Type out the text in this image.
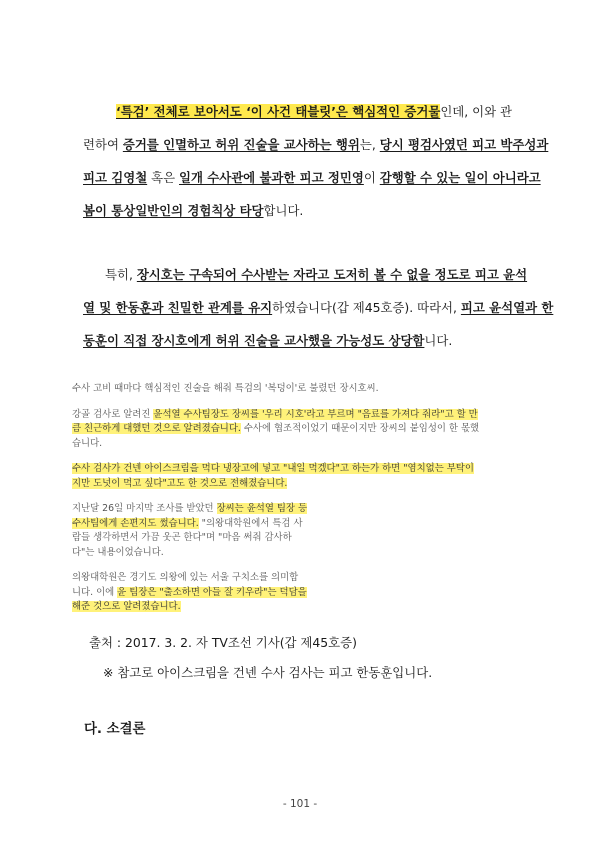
‘특검’ 전체로 보아서도 ‘이 사건 태블릿’은 핵심적인 증거물인데, 이와 관
련하여 증거를 인멸하고 허위 진술을 교사하는 행위는, 당시 평검사였던 피고 박주성과
피고 김영철 혹은 일개 수사관에 불과한 피고 정민영이 감행할 수 있는 일이 아니라고
봄이 통상일반인의 경험칙상 타당합니다.
특히, 장시호는 구속되어 수사받는 자라고 도저히 볼 수 없을 정도로 피고 윤석
열 및 한동훈과 친밀한 관계를 유지하였습니다(갑 제45호증). 따라서, 피고 윤석열과 한
동훈이 직접 장시호에게 허위 진술을 교사했을 가능성도 상당함니다.
수사 고비 때마다 핵심적인 진술을 해줘 특검의 '복덩이'로 불렸던 장시호씨.
강골 검사로 알려진 윤석열 수사팀장도 장씨를 '우리 시호'라고 부르며 "음료를 가져다 줘라"고 할 만
큼 친근하게 대했던 것으로 알려졌습니다. 수사에 협조적이었기 때문이지만 장씨의 붙임성이 한 몫했
습니다.
수사 검사가 건넨 아이스크림을 먹다 냉장고에 넣고 "내일 먹겠다"고 하는가 하면 "염치없는 부탁이
지만 도넛이 먹고 싶다"고도 한 것으로 전해졌습니다.
지난달 26일 마지막 조사를 받았던 장씨는 윤석열 팀장 등
수사팀에게 손편지도 썼습니다. "의왕대학원에서 특검 사
람들 생각하면서 가끔 웃곤 한다"며 "마음 써줘 감사하
다"는 내용이었습니다.
의왕대학원은 경기도 의왕에 있는 서울 구치소를 의미합
니다. 이에 윤 팀장은 "출소하면 아들 잘 키우라"는 덕담을
해준 것으로 알려졌습니다.
출처 : 2017. 3. 2. 자 TV조선 기사(갑 제45호증)
※ 참고로 아이스크림을 건넨 수사 검사는 피고 한동훈입니다.
다. 소결론
- 101 -
